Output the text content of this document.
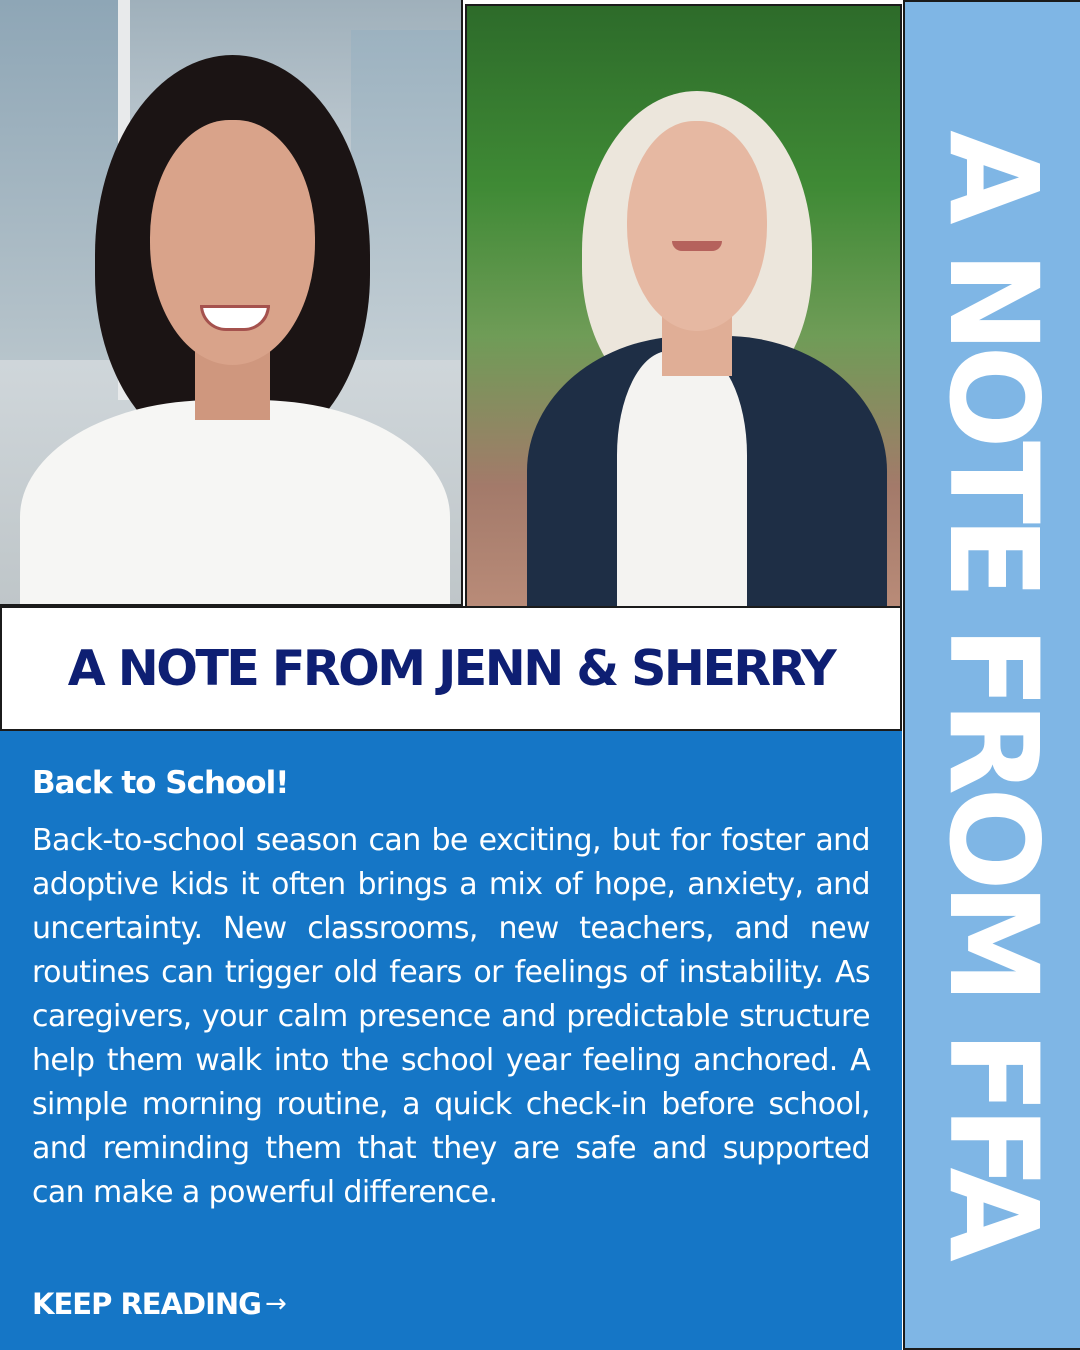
A NOTE FROM JENN & SHERRY
Back to School!

Back-to-school season can be exciting, but for foster and adoptive kids it often brings a mix of hope, anxiety, and uncertainty. New classrooms, new teachers, and new routines can trigger old fears or feelings of instability. As caregivers, your calm presence and predictable structure help them walk into the school year feeling anchored. A simple morning routine, a quick check-in before school, and reminding them that they are safe and supported can make a powerful difference.

KEEP READING →
A NOTE FROM FFA
